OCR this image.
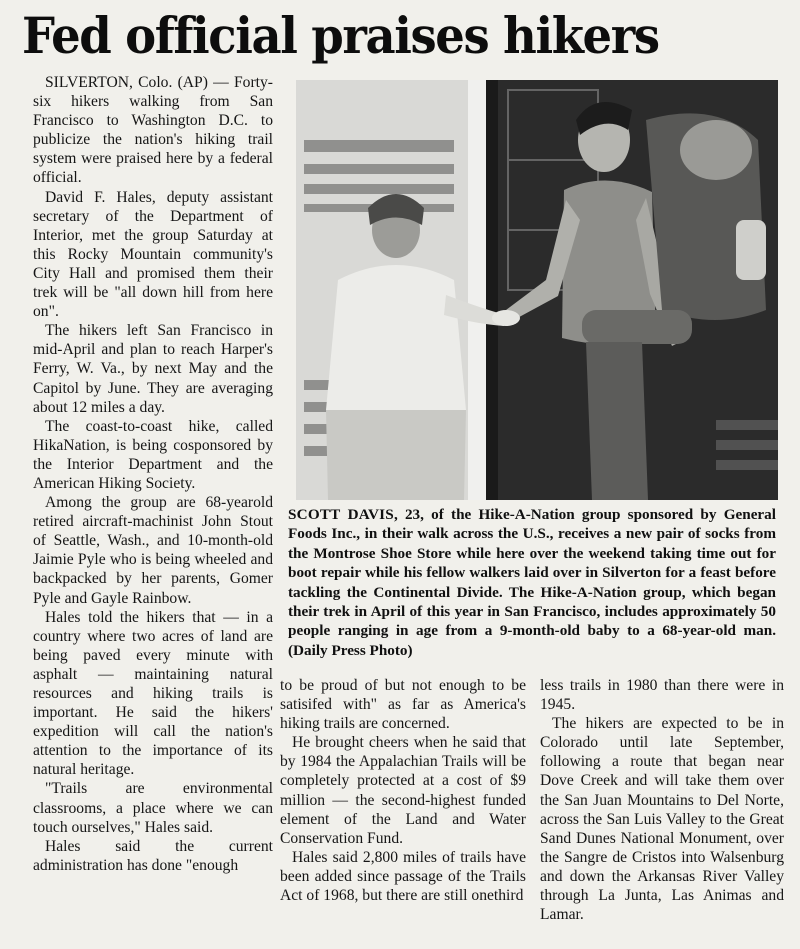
Fed official praises hikers

SILVERTON, Colo. (AP) — Forty-six hikers walking from San Francisco to Washington D.C. to publicize the nation's hiking trail system were praised here by a federal official.

David F. Hales, deputy assistant secretary of the Department of Interior, met the group Saturday at this Rocky Mountain community's City Hall and promised them their trek will be "all down hill from here on".

The hikers left San Francisco in mid-April and plan to reach Harper's Ferry, W. Va., by next May and the Capitol by June. They are averaging about 12 miles a day.

The coast-to-coast hike, called HikaNation, is being cosponsored by the Interior Department and the American Hiking Society.

Among the group are 68-yearold retired aircraft-machinist John Stout of Seattle, Wash., and 10-month-old Jaimie Pyle who is being wheeled and backpacked by her parents, Gomer Pyle and Gayle Rainbow.

Hales told the hikers that — in a country where two acres of land are being paved every minute with asphalt — maintaining natural resources and hiking trails is important. He said the hikers' expedition will call the nation's attention to the importance of its natural heritage.

"Trails are environmental classrooms, a place where we can touch ourselves," Hales said.

Hales said the current administration has done "enough

SCOTT DAVIS, 23, of the Hike-A-Nation group sponsored by General Foods Inc., in their walk across the U.S., receives a new pair of socks from the Montrose Shoe Store while here over the weekend taking time out for boot repair while his fellow walkers laid over in Silverton for a feast before tackling the Continental Divide. The Hike-A-Nation group, which began their trek in April of this year in San Francisco, includes approximately 50 people ranging in age from a 9-month-old baby to a 68-year-old man. (Daily Press Photo)

to be proud of but not enough to be satisifed with" as far as America's hiking trails are concerned.

He brought cheers when he said that by 1984 the Appalachian Trails will be completely protected at a cost of $9 million — the second-highest funded element of the Land and Water Conservation Fund.

Hales said 2,800 miles of trails have been added since passage of the Trails Act of 1968, but there are still onethird

less trails in 1980 than there were in 1945.

The hikers are expected to be in Colorado until late September, following a route that began near Dove Creek and will take them over the San Juan Mountains to Del Norte, across the San Luis Valley to the Great Sand Dunes National Monument, over the Sangre de Cristos into Walsenburg and down the Arkansas River Valley through La Junta, Las Animas and Lamar.
